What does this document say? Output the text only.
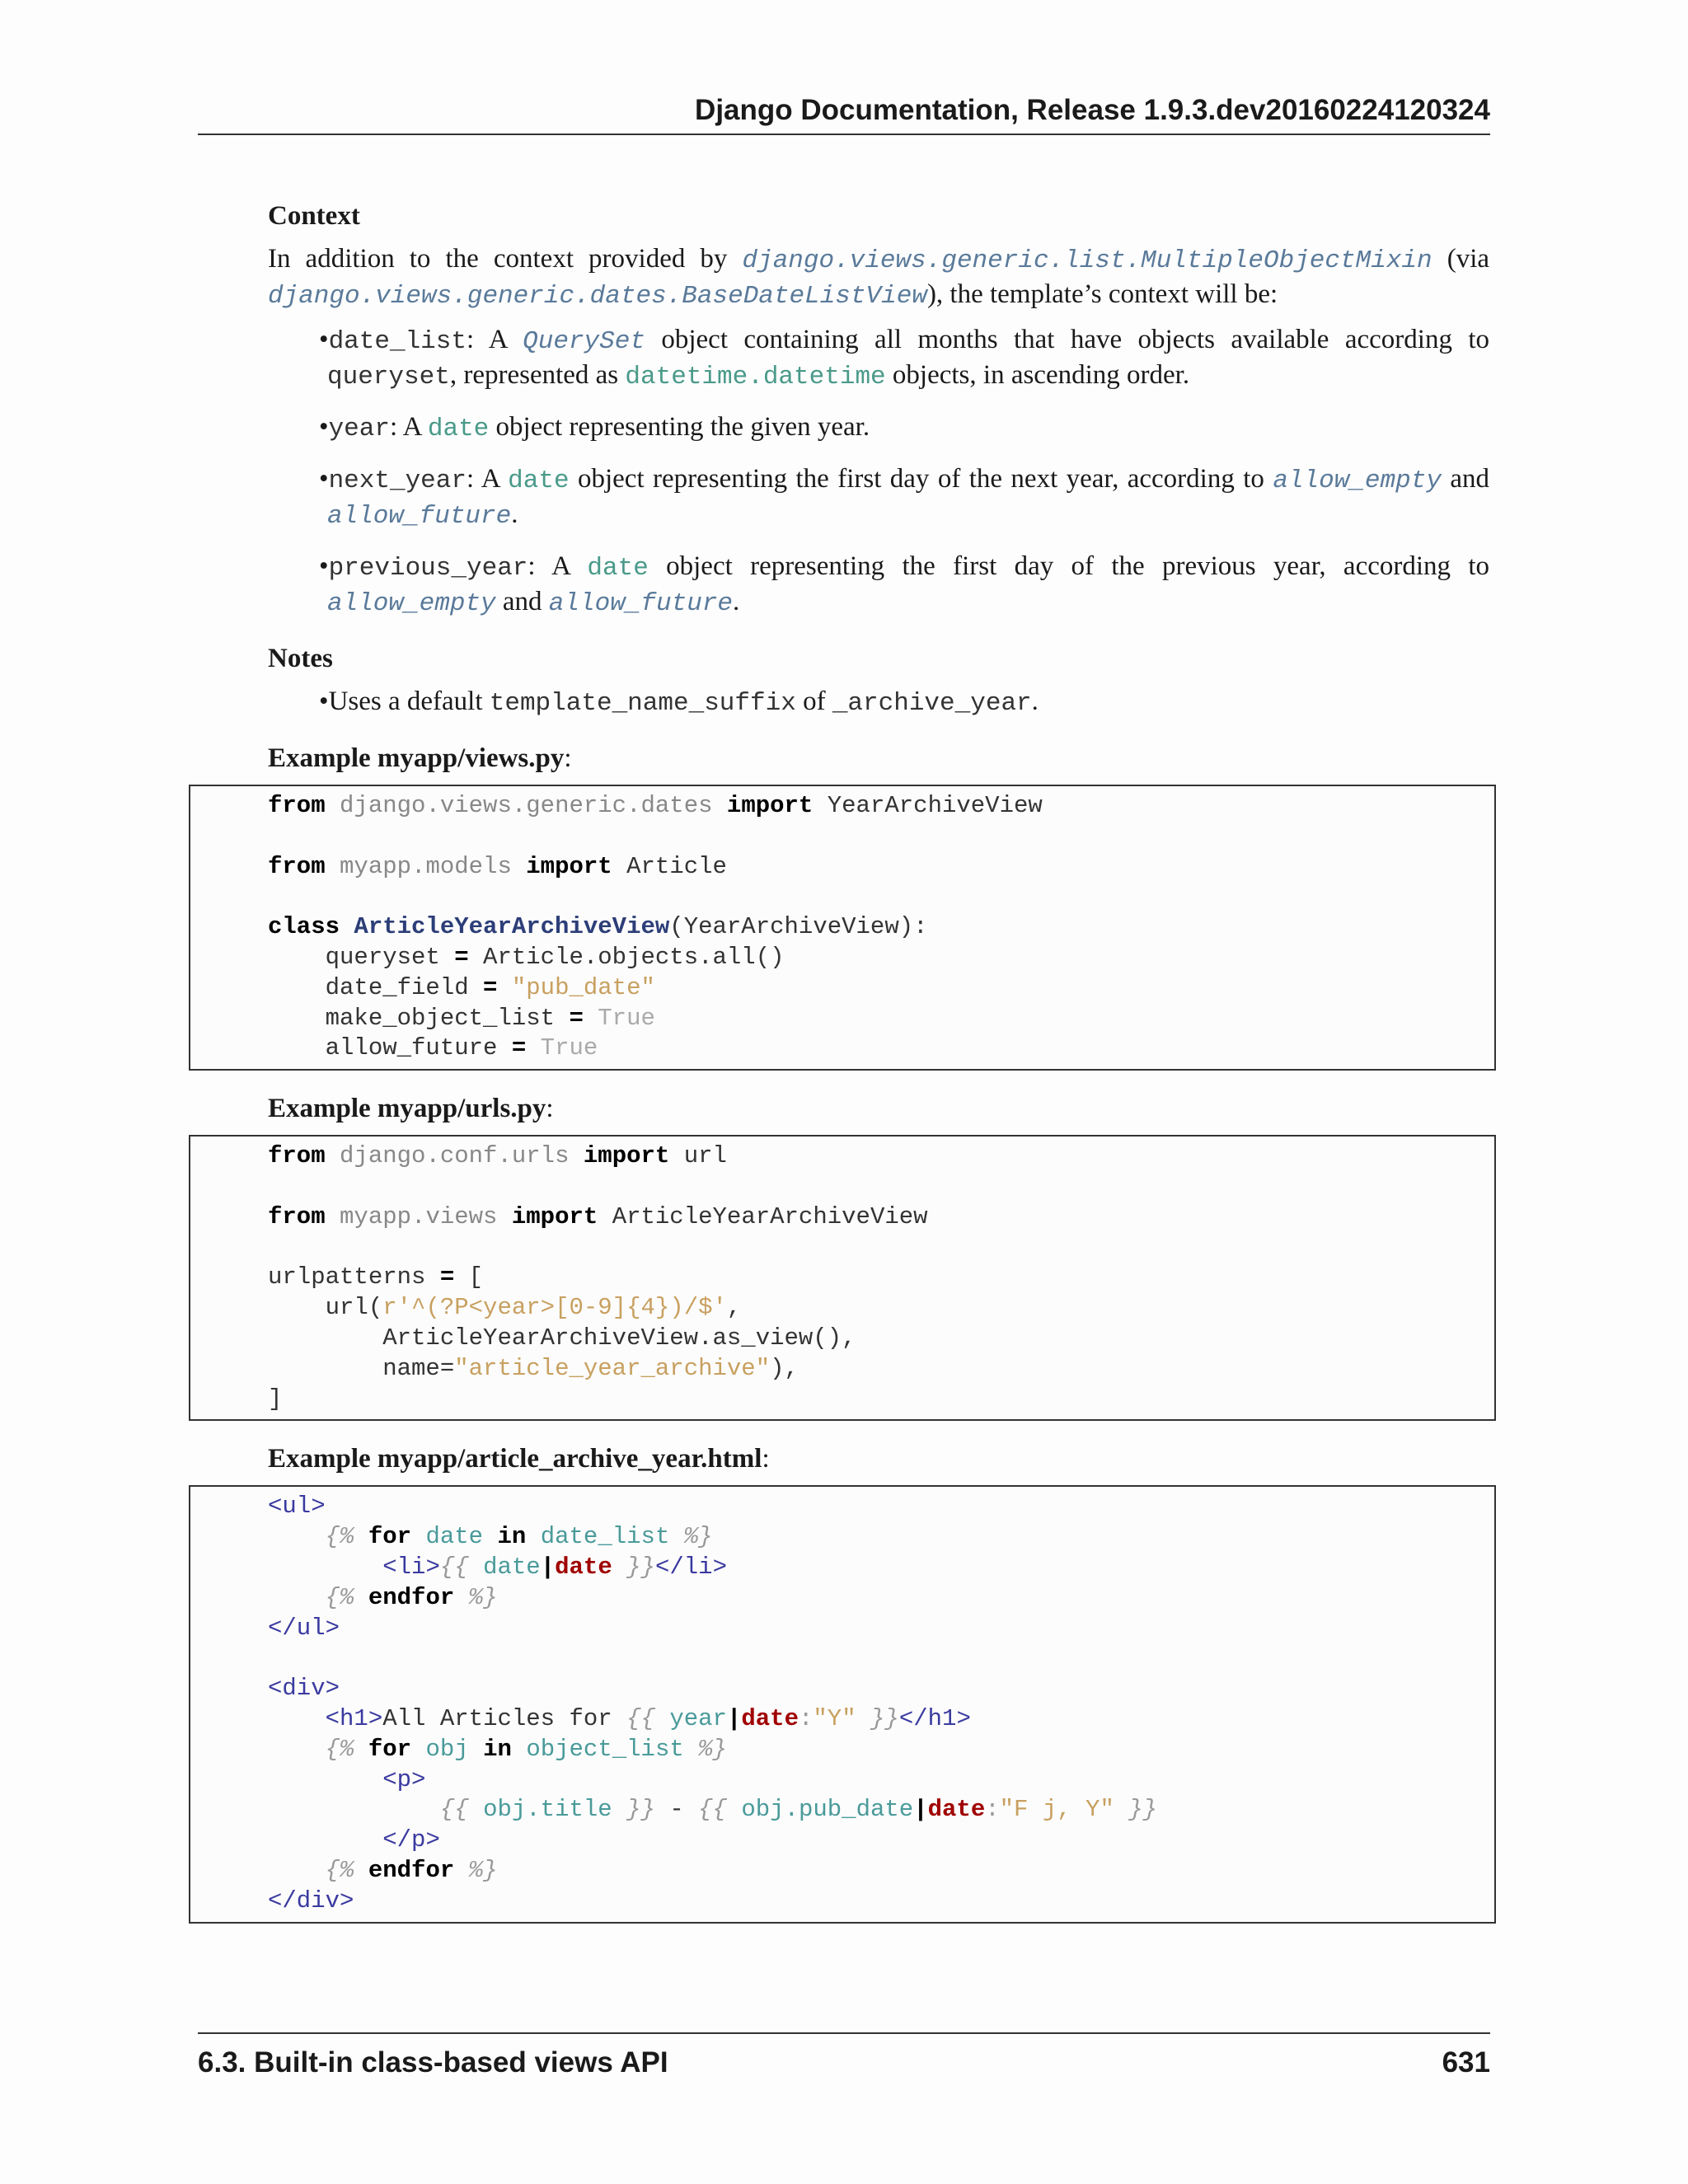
Django Documentation, Release 1.9.3.dev20160224120324
Context

In addition to the context provided by django.views.generic.list.MultipleObjectMixin (via django.views.generic.dates.BaseDateListView), the template’s context will be:

•date_list: A QuerySet object containing all months that have objects available according to queryset, represented as datetime.datetime objects, in ascending order.
•year: A date object representing the given year.
•next_year: A date object representing the first day of the next year, according to allow_empty and allow_future.
•previous_year: A date object representing the first day of the previous year, according to allow_empty and allow_future.
Notes
•Uses a default template_name_suffix of _archive_year.
Example myapp/views.py:
from django.views.generic.dates import YearArchiveView

from myapp.models import Article

class ArticleYearArchiveView(YearArchiveView):
queryset = Article.objects.all()
date_field = "pub_date"
make_object_list = True
allow_future = True
Example myapp/urls.py:
from django.conf.urls import url

from myapp.views import ArticleYearArchiveView

urlpatterns = [
url(r'^(?P<year>[0-9]{4})/$',
ArticleYearArchiveView.as_view(),
name="article_year_archive"),
]
Example myapp/article_archive_year.html:
<ul>
{% for date in date_list %}
<li>{{ date|date }}</li>
{% endfor %}
</ul>

<div>
<h1>All Articles for {{ year|date:"Y" }}</h1>
{% for obj in object_list %}
<p>
{{ obj.title }} - {{ obj.pub_date|date:"F j, Y" }}
</p>
{% endfor %}
</div>
6.3. Built-in class-based views API	631
